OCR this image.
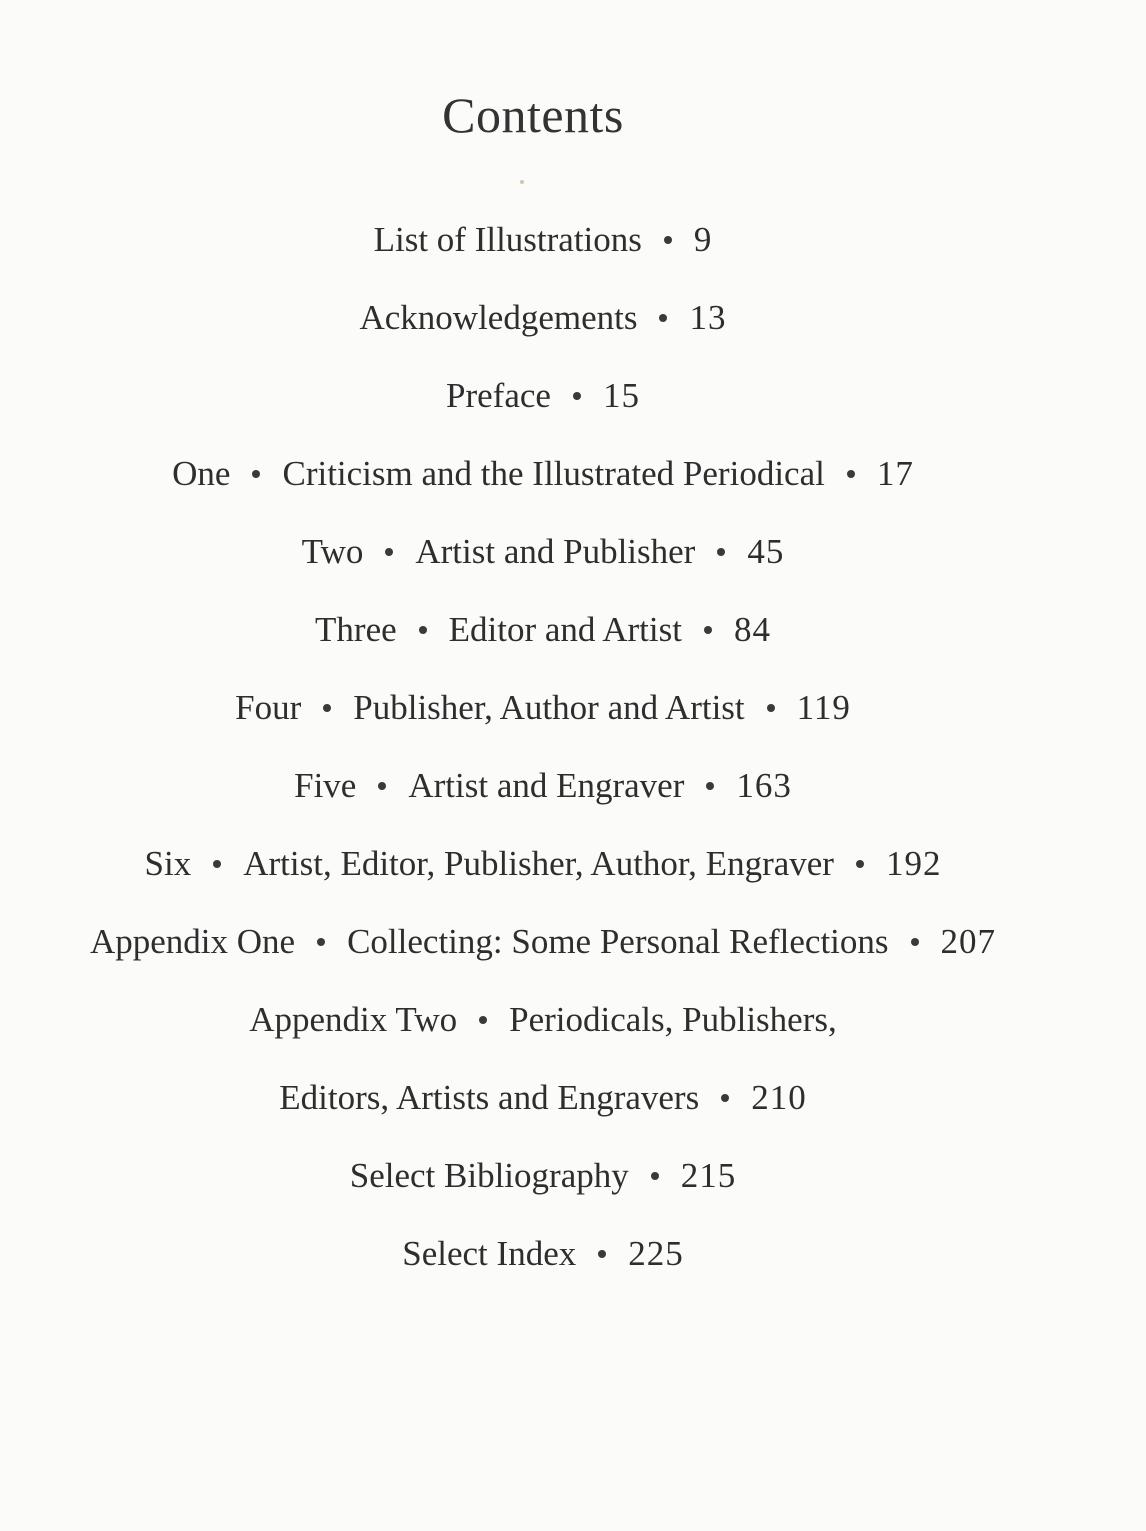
Contents
List of Illustrations 9
Acknowledgements 13
Preface 15
One Criticism and the Illustrated Periodical 17
Two Artist and Publisher 45
Three Editor and Artist 84
Four Publisher, Author and Artist 119
Five Artist and Engraver 163
Six Artist, Editor, Publisher, Author, Engraver 192
Appendix One Collecting: Some Personal Reflections 207
Appendix Two Periodicals, Publishers,
Editors, Artists and Engravers 210
Select Bibliography 215
Select Index 225
